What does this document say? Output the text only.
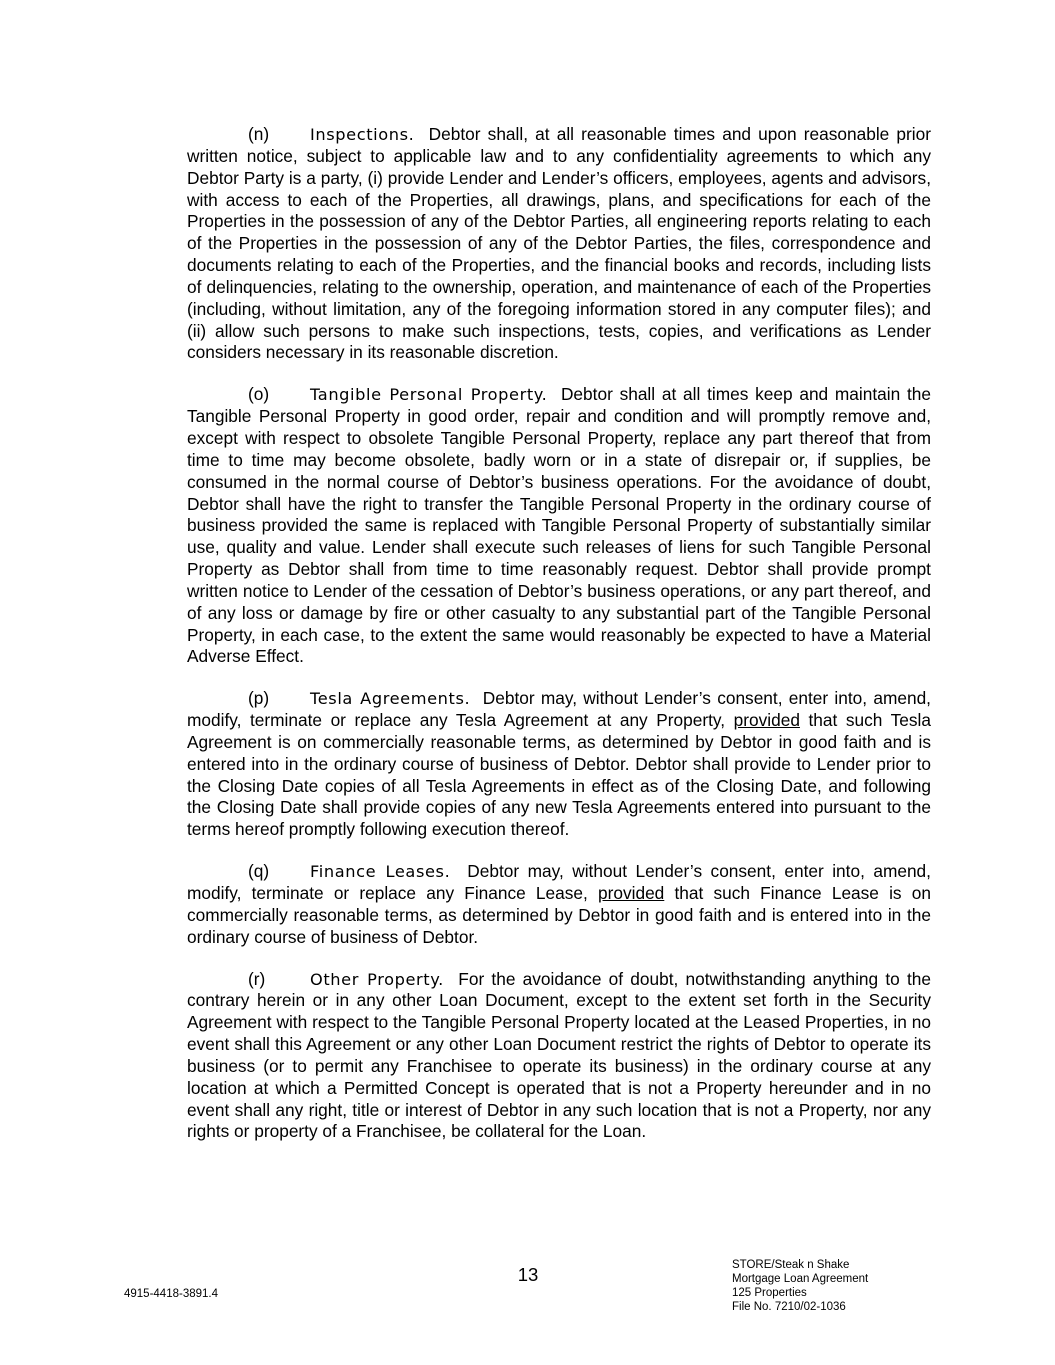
(n)	Inspections. Debtor shall, at all reasonable times and upon reasonable prior written notice, subject to applicable law and to any confidentiality agreements to which any Debtor Party is a party, (i) provide Lender and Lender’s officers, employees, agents and advisors, with access to each of the Properties, all drawings, plans, and specifications for each of the Properties in the possession of any of the Debtor Parties, all engineering reports relating to each of the Properties in the possession of any of the Debtor Parties, the files, correspondence and documents relating to each of the Properties, and the financial books and records, including lists of delinquencies, relating to the ownership, operation, and maintenance of each of the Properties (including, without limitation, any of the foregoing information stored in any computer files); and (ii) allow such persons to make such inspections, tests, copies, and verifications as Lender considers necessary in its reasonable discretion.

(o)	Tangible Personal Property. Debtor shall at all times keep and maintain the Tangible Personal Property in good order, repair and condition and will promptly remove and, except with respect to obsolete Tangible Personal Property, replace any part thereof that from time to time may become obsolete, badly worn or in a state of disrepair or, if supplies, be consumed in the normal course of Debtor’s business operations. For the avoidance of doubt, Debtor shall have the right to transfer the Tangible Personal Property in the ordinary course of business provided the same is replaced with Tangible Personal Property of substantially similar use, quality and value. Lender shall execute such releases of liens for such Tangible Personal Property as Debtor shall from time to time reasonably request. Debtor shall provide prompt written notice to Lender of the cessation of Debtor’s business operations, or any part thereof, and of any loss or damage by fire or other casualty to any substantial part of the Tangible Personal Property, in each case, to the extent the same would reasonably be expected to have a Material Adverse Effect.

(p)	Tesla Agreements. Debtor may, without Lender’s consent, enter into, amend, modify, terminate or replace any Tesla Agreement at any Property, provided that such Tesla Agreement is on commercially reasonable terms, as determined by Debtor in good faith and is entered into in the ordinary course of business of Debtor. Debtor shall provide to Lender prior to the Closing Date copies of all Tesla Agreements in effect as of the Closing Date, and following the Closing Date shall provide copies of any new Tesla Agreements entered into pursuant to the terms hereof promptly following execution thereof.

(q)	Finance Leases. Debtor may, without Lender’s consent, enter into, amend, modify, terminate or replace any Finance Lease, provided that such Finance Lease is on commercially reasonable terms, as determined by Debtor in good faith and is entered into in the ordinary course of business of Debtor.

(r)	Other Property. For the avoidance of doubt, notwithstanding anything to the contrary herein or in any other Loan Document, except to the extent set forth in the Security Agreement with respect to the Tangible Personal Property located at the Leased Properties, in no event shall this Agreement or any other Loan Document restrict the rights of Debtor to operate its business (or to permit any Franchisee to operate its business) in the ordinary course at any location at which a Permitted Concept is operated that is not a Property hereunder and in no event shall any right, title or interest of Debtor in any such location that is not a Property, nor any rights or property of a Franchisee, be collateral for the Loan.

13
4915-4418-3891.4
STORE/Steak n Shake
Mortgage Loan Agreement
125 Properties
File No. 7210/02-1036
